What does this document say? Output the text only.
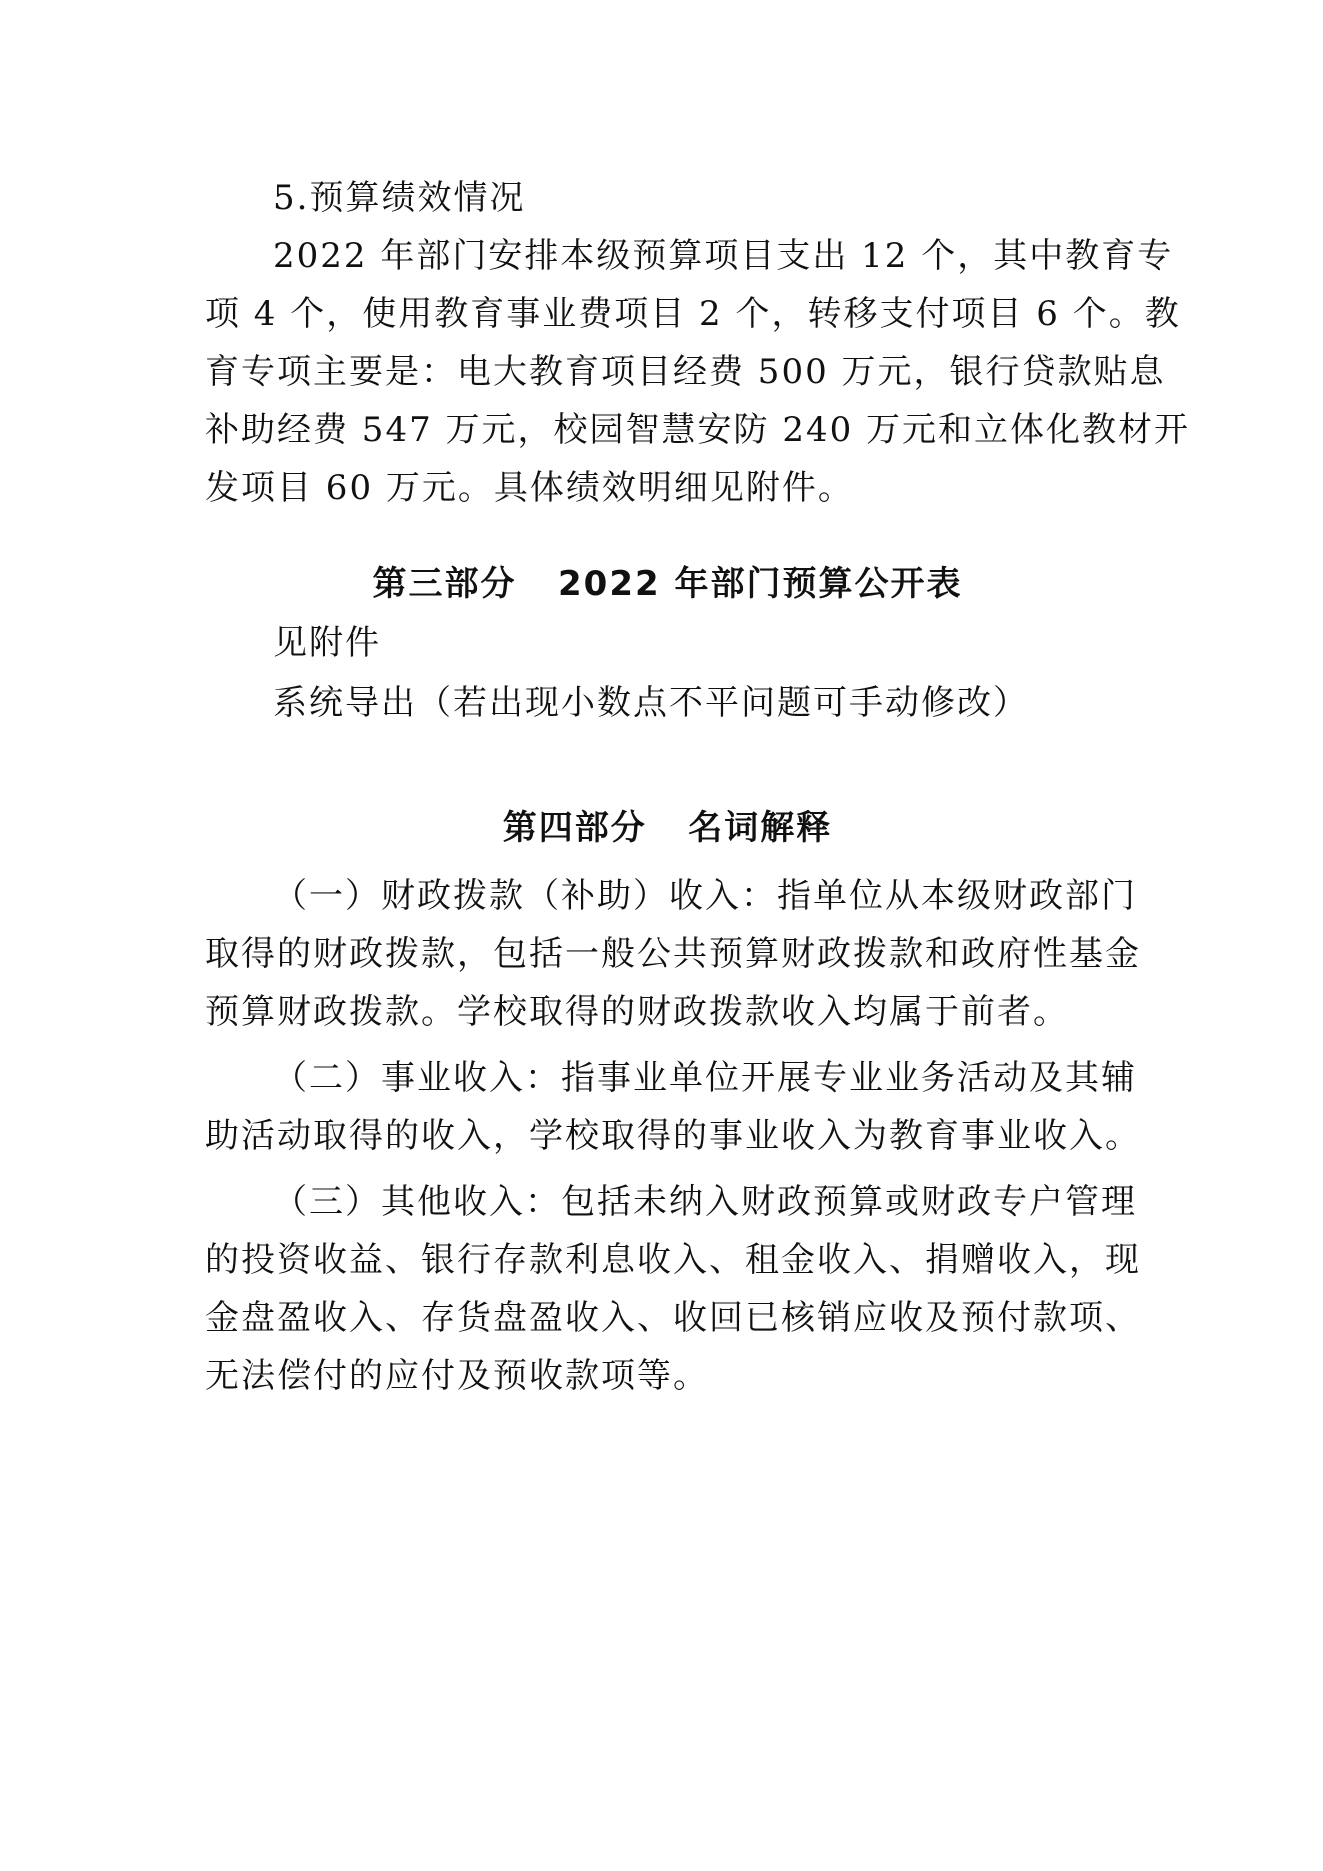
5.预算绩效情况
2022 年部门安排本级预算项目支出 12 个，其中教育专
项 4 个，使用教育事业费项目 2 个，转移支付项目 6 个。教
育专项主要是：电大教育项目经费 500 万元，银行贷款贴息
补助经费 547 万元，校园智慧安防 240 万元和立体化教材开
发项目 60 万元。具体绩效明细见附件。
第三部分   2022 年部门预算公开表
见附件
系统导出（若出现小数点不平问题可手动修改）
第四部分   名词解释
（一）财政拨款（补助）收入：指单位从本级财政部门
取得的财政拨款，包括一般公共预算财政拨款和政府性基金
预算财政拨款。学校取得的财政拨款收入均属于前者。
（二）事业收入：指事业单位开展专业业务活动及其辅
助活动取得的收入，学校取得的事业收入为教育事业收入。
（三）其他收入：包括未纳入财政预算或财政专户管理
的投资收益、银行存款利息收入、租金收入、捐赠收入，现
金盘盈收入、存货盘盈收入、收回已核销应收及预付款项、
无法偿付的应付及预收款项等。
